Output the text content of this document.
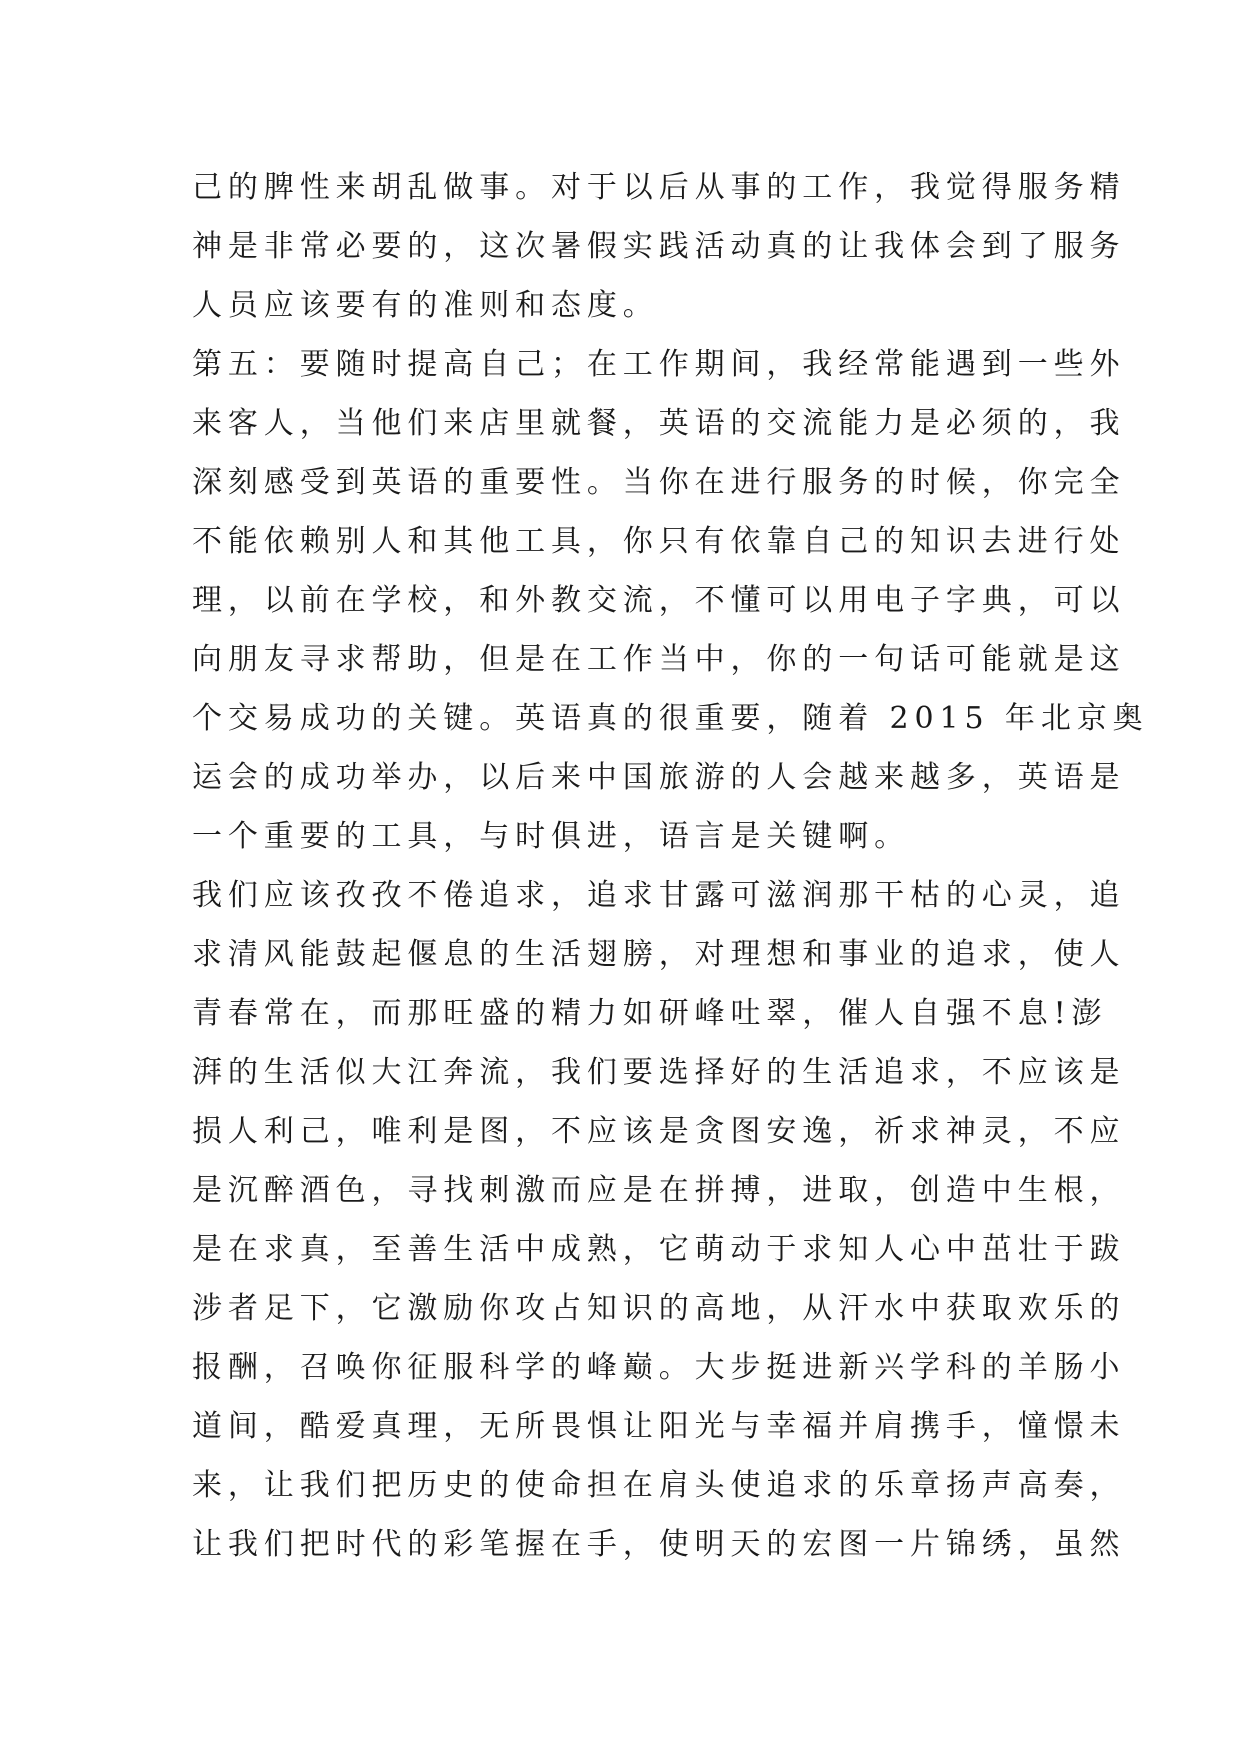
己的脾性来胡乱做事。对于以后从事的工作，我觉得服务精
神是非常必要的，这次暑假实践活动真的让我体会到了服务
人员应该要有的准则和态度。
第五：要随时提高自己；在工作期间，我经常能遇到一些外
来客人，当他们来店里就餐，英语的交流能力是必须的，我
深刻感受到英语的重要性。当你在进行服务的时候，你完全
不能依赖别人和其他工具，你只有依靠自己的知识去进行处
理，以前在学校，和外教交流，不懂可以用电子字典，可以
向朋友寻求帮助，但是在工作当中，你的一句话可能就是这
个交易成功的关键。英语真的很重要，随着 2015 年北京奥
运会的成功举办，以后来中国旅游的人会越来越多，英语是
一个重要的工具，与时俱进，语言是关键啊。
我们应该孜孜不倦追求，追求甘露可滋润那干枯的心灵，追
求清风能鼓起偃息的生活翅膀，对理想和事业的追求，使人
青春常在，而那旺盛的精力如研峰吐翠，催人自强不息!澎
湃的生活似大江奔流，我们要选择好的生活追求，不应该是
损人利己，唯利是图，不应该是贪图安逸，祈求神灵，不应
是沉醉酒色，寻找刺激而应是在拼搏，进取，创造中生根，
是在求真，至善生活中成熟，它萌动于求知人心中茁壮于跋
涉者足下，它激励你攻占知识的高地，从汗水中获取欢乐的
报酬，召唤你征服科学的峰巅。大步挺进新兴学科的羊肠小
道间，酷爱真理，无所畏惧让阳光与幸福并肩携手，憧憬未
来，让我们把历史的使命担在肩头使追求的乐章扬声高奏，
让我们把时代的彩笔握在手，使明天的宏图一片锦绣，虽然
